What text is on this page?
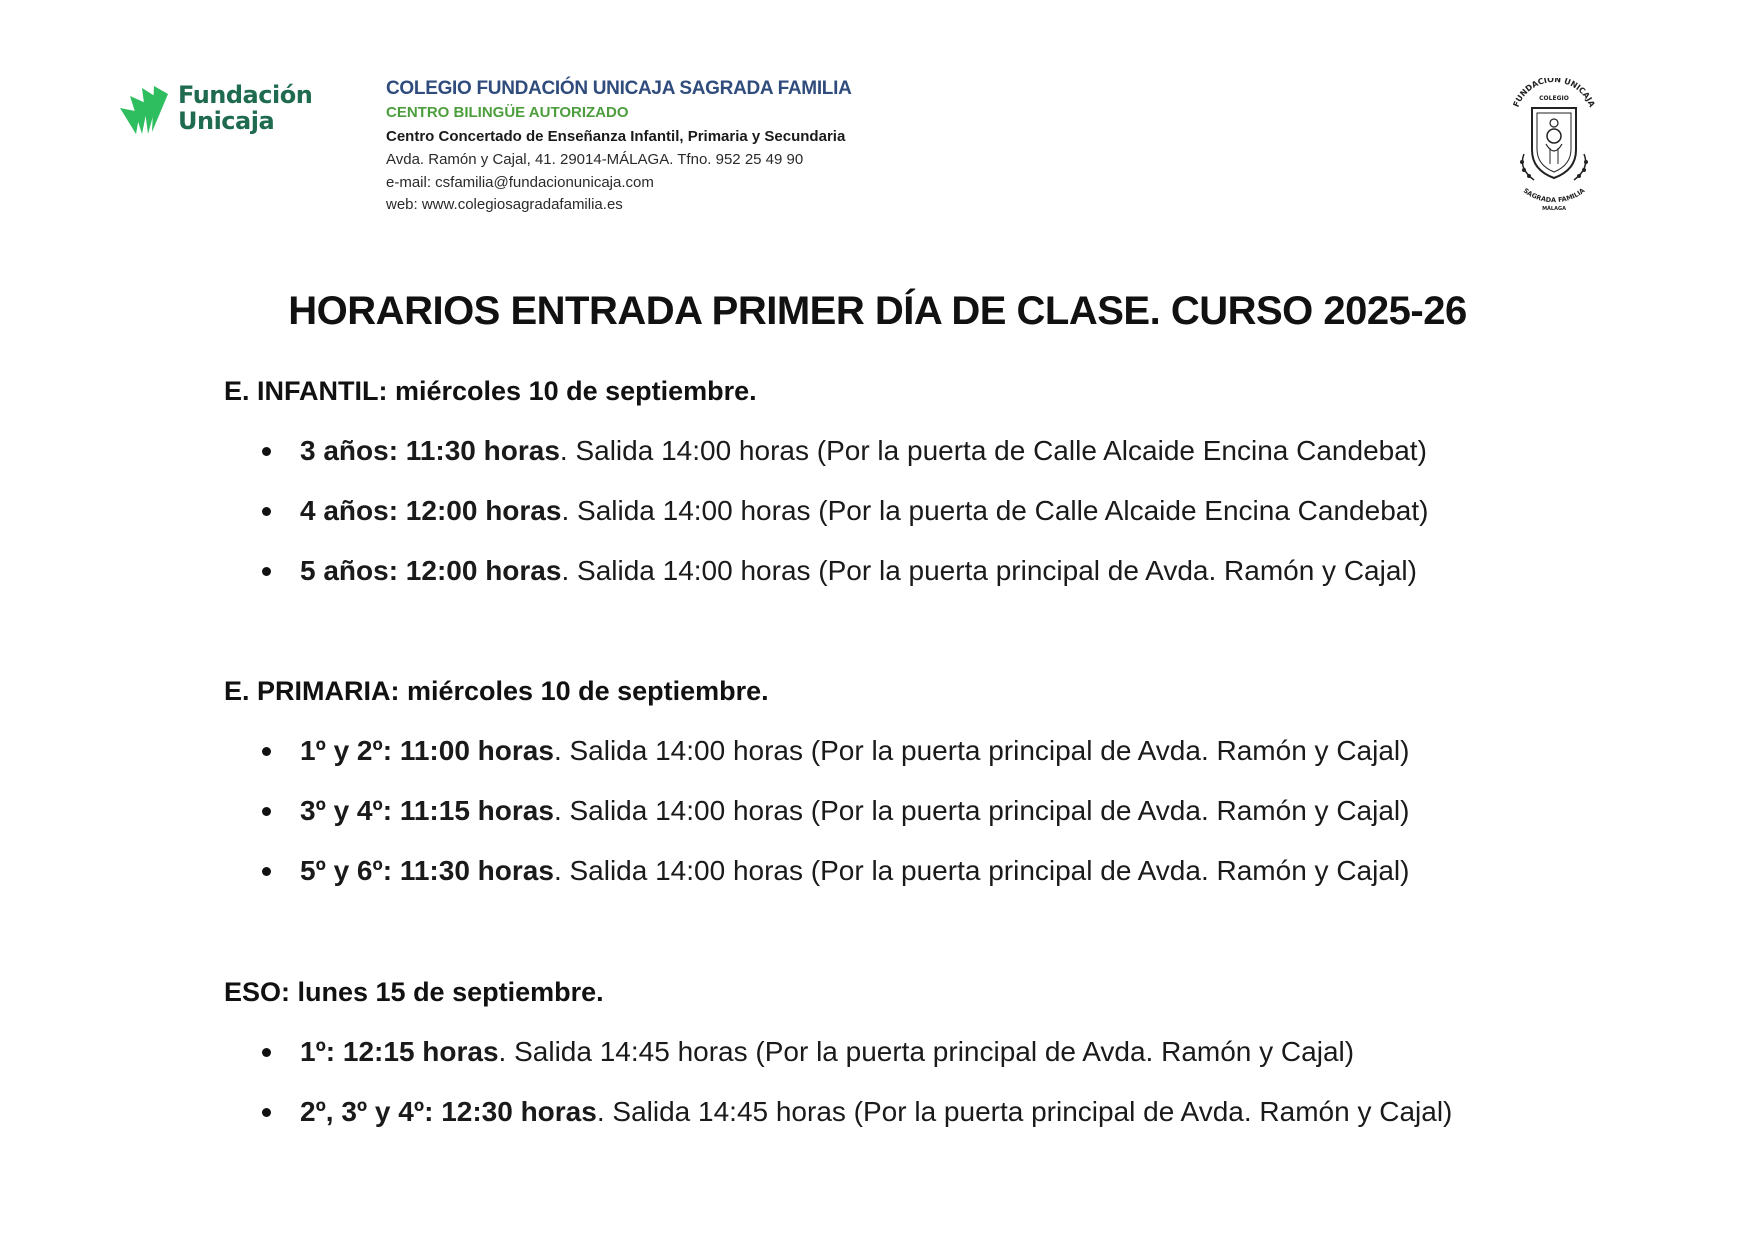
Fundación
Unicaja
COLEGIO FUNDACIÓN UNICAJA SAGRADA FAMILIA
CENTRO BILINGÜE AUTORIZADO
Centro Concertado de Enseñanza Infantil, Primaria y Secundaria
Avda. Ramón y Cajal, 41. 29014-MÁLAGA. Tfno. 952 25 49 90
e-mail: csfamilia@fundacionunicaja.com
web: www.colegiosagradafamilia.es
FUNDACIÓN UNICAJA
COLEGIO
SAGRADA FAMILIA
MÁLAGA
HORARIOS ENTRADA PRIMER DÍA DE CLASE. CURSO 2025-26
E. INFANTIL: miércoles 10 de septiembre.
3 años: 11:30 horas. Salida 14:00 horas (Por la puerta de Calle Alcaide Encina Candebat)
4 años: 12:00 horas. Salida 14:00 horas (Por la puerta de Calle Alcaide Encina Candebat)
5 años: 12:00 horas. Salida 14:00 horas (Por la puerta principal de Avda. Ramón y Cajal)
E. PRIMARIA: miércoles 10 de septiembre.
1º y 2º: 11:00 horas. Salida 14:00 horas (Por la puerta principal de Avda. Ramón y Cajal)
3º y 4º: 11:15 horas. Salida 14:00 horas (Por la puerta principal de Avda. Ramón y Cajal)
5º y 6º: 11:30 horas. Salida 14:00 horas (Por la puerta principal de Avda. Ramón y Cajal)
ESO: lunes 15 de septiembre.
1º: 12:15 horas. Salida 14:45 horas (Por la puerta principal de Avda. Ramón y Cajal)
2º, 3º y 4º: 12:30 horas. Salida 14:45 horas (Por la puerta principal de Avda. Ramón y Cajal)
